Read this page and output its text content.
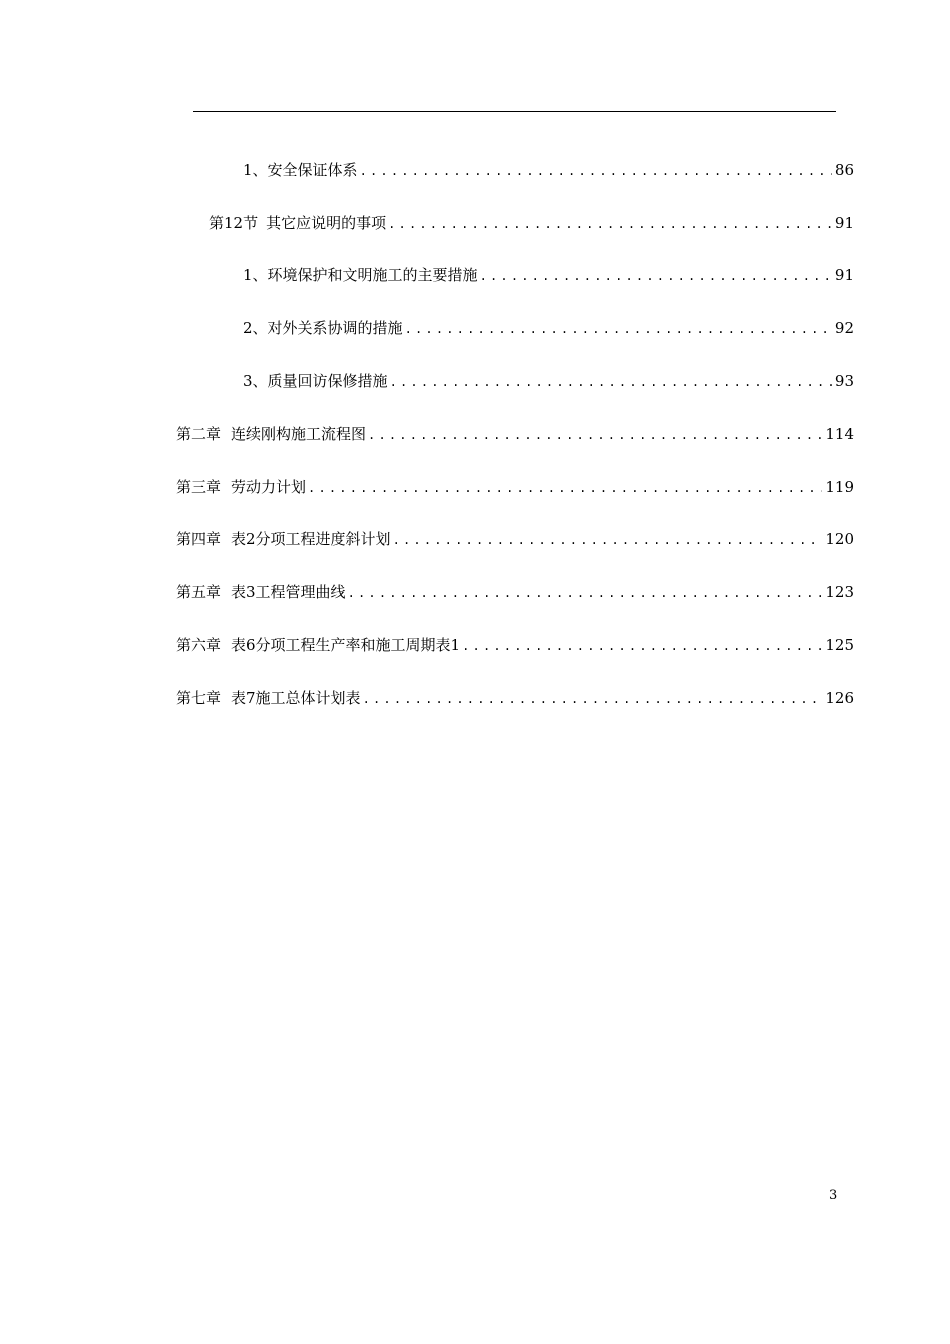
1、 安全保证体系 .....	86
第12节 其它应说明的事项 .....	91
1、 环境保护和文明施工的主要措施 .....	91
2、 对外关系协调的措施 .....	92
3、 质量回访保修措施 .....	93
第二章 连续刚构施工流程图 .....	114
第三章 劳动力计划 .....	119
第四章 表2分项工程进度斜计划 .....	120
第五章 表3工程管理曲线 .....	123
第六章 表6分项工程生产率和施工周期表1 .....	125
第七章 表7施工总体计划表 .....	126
3
